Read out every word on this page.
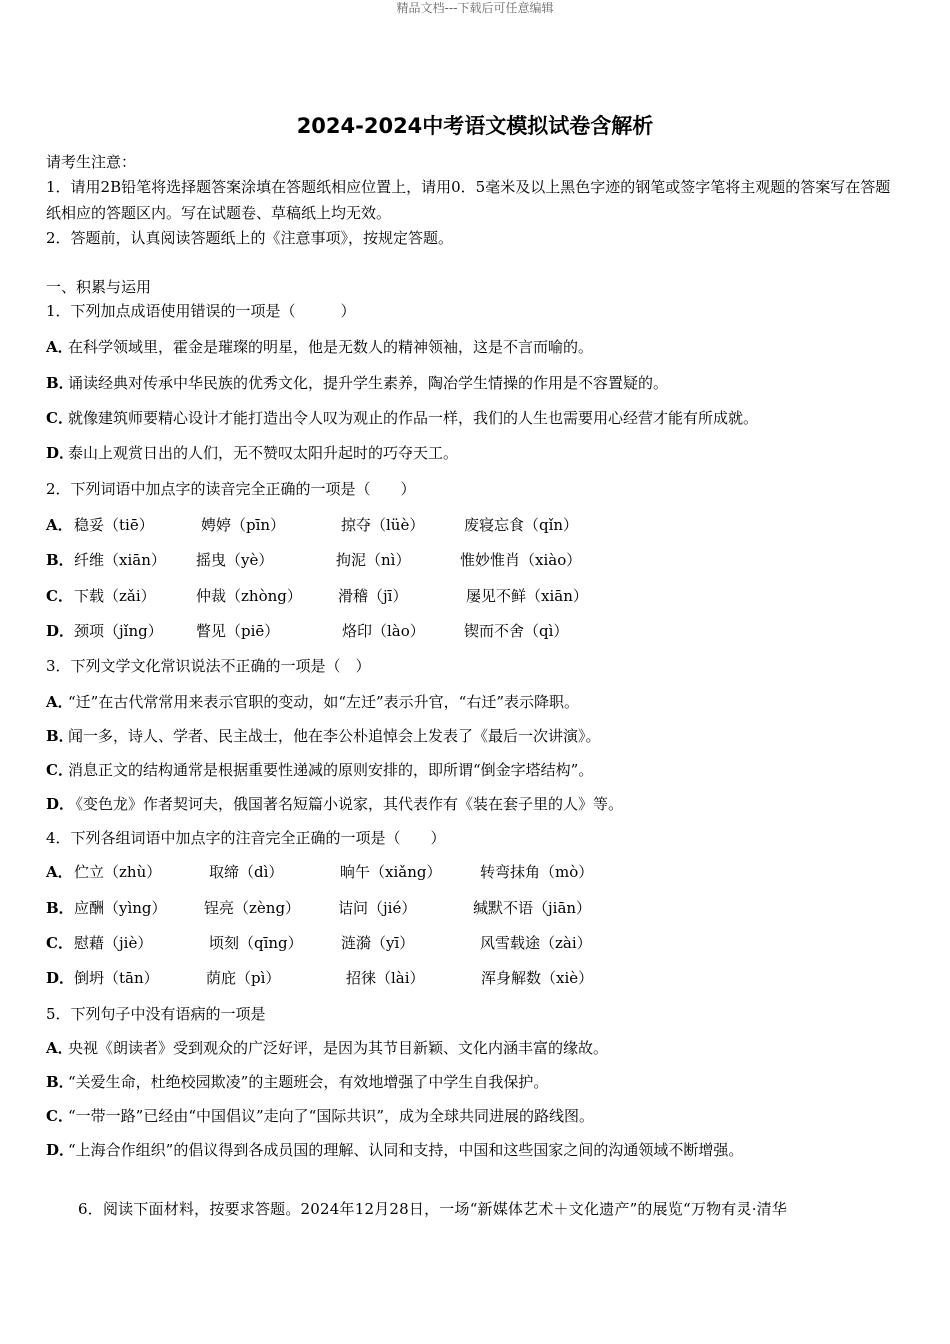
精品文档---下载后可任意编辑
2024-2024中考语文模拟试卷含解析
请考生注意：
1．请用2B铅笔将选择题答案涂填在答题纸相应位置上，请用0．5毫米及以上黑色字迹的钢笔或签字笔将主观题的答案写在答题纸相应的答题区内。写在试题卷、草稿纸上均无效。
2．答题前，认真阅读答题纸上的《注意事项》，按规定答题。
一、积累与运用
1．下列加点成语使用错误的一项是（　　　）
A．在科学领域里，霍金是璀璨的明星，他是无数人的精神领袖，这是不言而喻的。
B．诵读经典对传承中华民族的优秀文化，提升学生素养，陶冶学生情操的作用是不容置疑的。
C．就像建筑师要精心设计才能打造出令人叹为观止的作品一样，我们的人生也需要用心经营才能有所成就。
D．泰山上观赏日出的人们，无不赞叹太阳升起时的巧夺天工。
2．下列词语中加点字的读音完全正确的一项是（　　）
A． 稳妥（tiē）	娉婷（pīn）	掠夺（lüè）	废寝忘食（qǐn）
B． 纤维（xiān） 摇曳（yè）	拘泥（nì）	惟妙惟肖（xiào）
C． 下载（zǎi）	仲裁（zhòng） 滑稽（jī）	屡见不鲜（xiān）
D． 颈项（jǐng） 瞥见（piē）	烙印（lào）	锲而不舍（qì）
3．下列文学文化常识说法不正确的一项是（　）
A．“迁”在古代常常用来表示官职的变动，如“左迁”表示升官，“右迁”表示降职。
B．闻一多，诗人、学者、民主战士，他在李公朴追悼会上发表了《最后一次讲演》。
C．消息正文的结构通常是根据重要性递减的原则安排的，即所谓“倒金字塔结构”。
D．《变色龙》作者契诃夫，俄国著名短篇小说家，其代表作有《装在套子里的人》等。
4．下列各组词语中加点字的注音完全正确的一项是（　　）
A． 伫立（zhù）	取缔（dì）	晌午（xiǎng）	转弯抹角（mò）
B． 应酬（yìng） 锃亮（zèng）	诘问（jié）	缄默不语（jiān）
C． 慰藉（jiè）	顷刻（qīng）	涟漪（yī）	风雪载途（zài）
D． 倒坍（tān）	荫庇（pì）	招徕（lài）	浑身解数（xiè）
5．下列句子中没有语病的一项是
A．央视《朗读者》受到观众的广泛好评，是因为其节目新颖、文化内涵丰富的缘故。
B．“关爱生命，杜绝校园欺凌”的主题班会，有效地增强了中学生自我保护。
C．“一带一路”已经由“中国倡议”走向了“国际共识”，成为全球共同进展的路线图。
D．“上海合作组织”的倡议得到各成员国的理解、认同和支持，中国和这些国家之间的沟通领域不断增强。
6．阅读下面材料，按要求答题。2024年12月28日，一场“新媒体艺术＋文化遗产”的展览“万物有灵·清华
